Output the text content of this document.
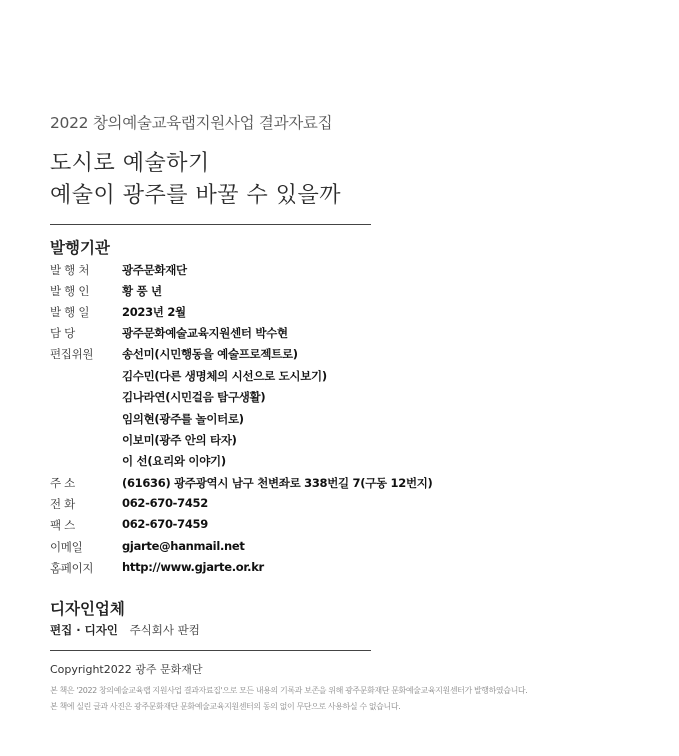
2022 창의예술교육랩지원사업 결과자료집
도시로 예술하기
예술이 광주를 바꿀 수 있을까
발행기관
발 행 처	광주문화재단
발 행 인	황 풍 년
발 행 일	2023년 2월
담 당	광주문화예술교육지원센터 박수현
편집위원	송선미(시민행동을 예술프로젝트로)
김수민(다른 생명체의 시선으로 도시보기)
김나라연(시민걸음 탐구생활)
임의현(광주를 놀이터로)
이보미(광주 안의 타자)
이 선(요리와 이야기)
주 소	(61636) 광주광역시 남구 천변좌로 338번길 7(구동 12번지)
전 화	062-670-7452
팩 스	062-670-7459
이메일	gjarte@hanmail.net
홈페이지	http://www.gjarte.or.kr
디자인업체
편집 · 디자인 주식회사 판컴
Copyright2022 광주 문화재단
본 책은 '2022 창의예술교육랩 지원사업 결과자료집'으로 모든 내용의 기록과 보존을 위해 광주문화재단 문화예술교육지원센터가 발행하였습니다.
본 책에 실린 글과 사진은 광주문화재단 문화예술교육지원센터의 동의 없이 무단으로 사용하실 수 없습니다.
